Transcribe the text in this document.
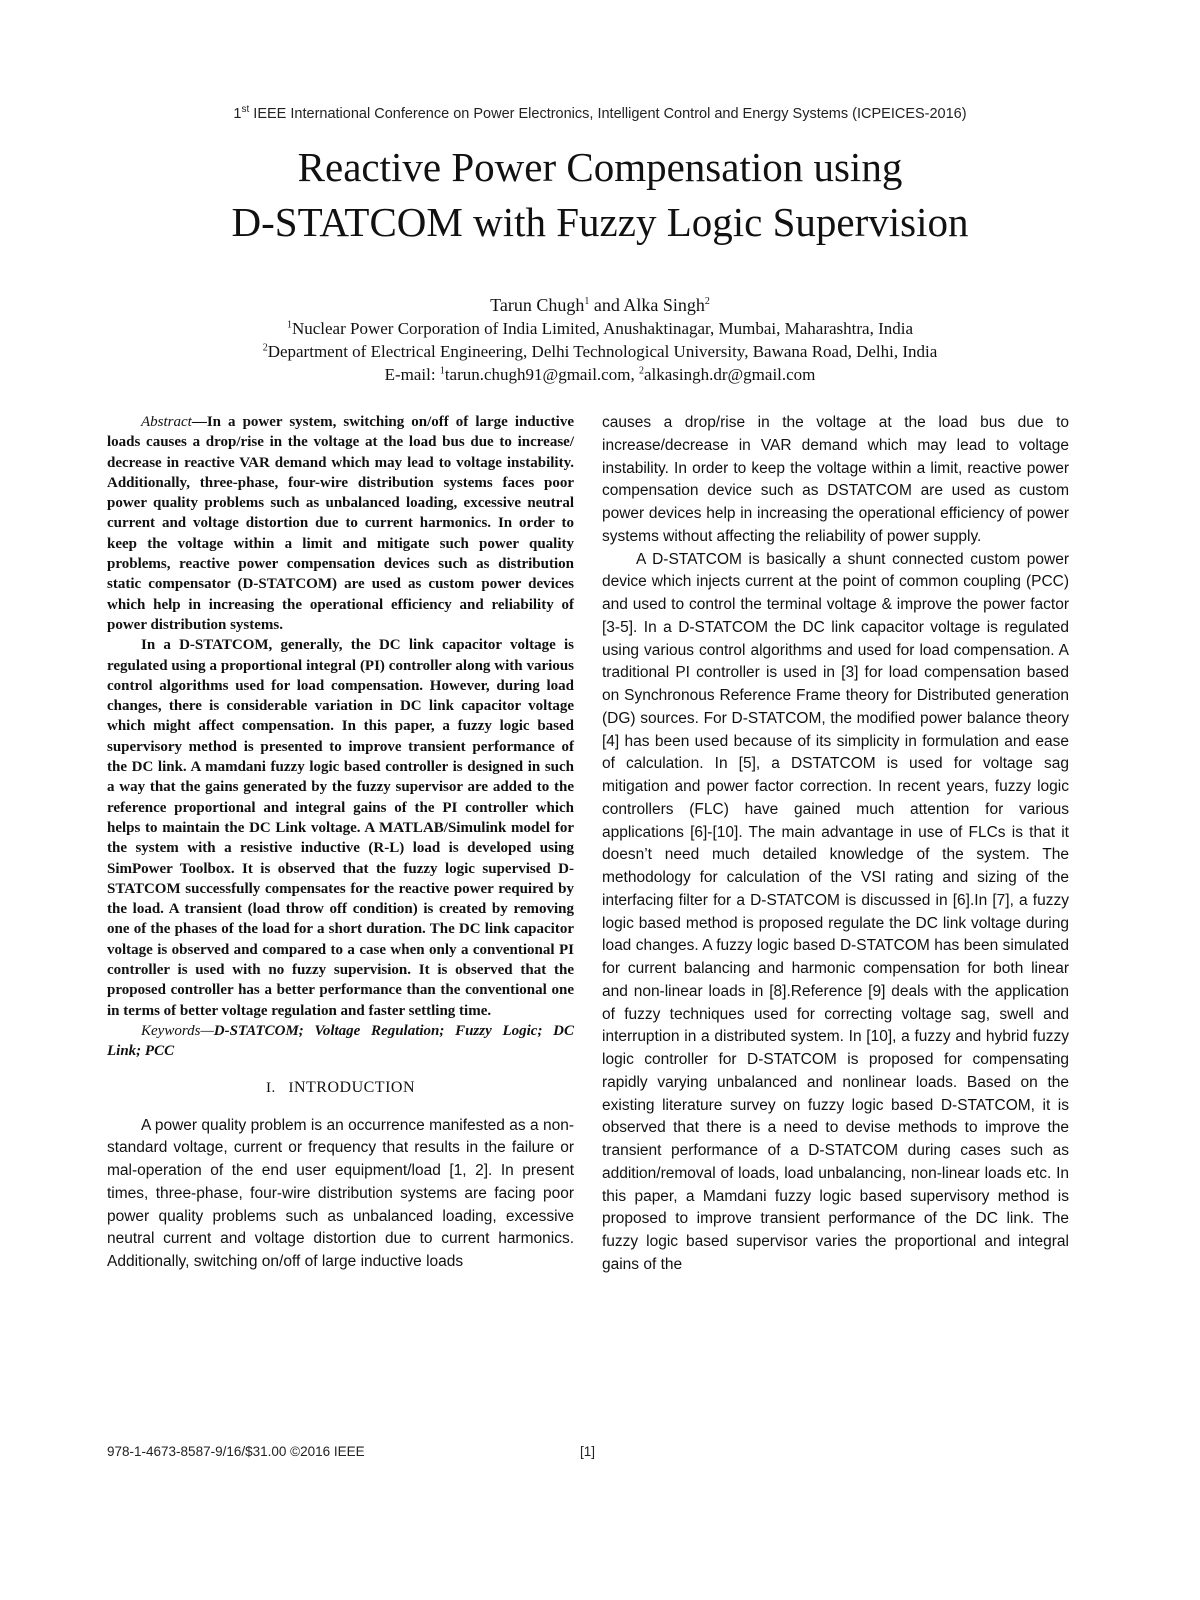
1st IEEE International Conference on Power Electronics, Intelligent Control and Energy Systems (ICPEICES-2016)
Reactive Power Compensation using
D-STATCOM with Fuzzy Logic Supervision
Tarun Chugh$^1$ and Alka Singh$^2$
$^1$Nuclear Power Corporation of India Limited, Anushaktinagar, Mumbai, Maharashtra, India
$^2$Department of Electrical Engineering, Delhi Technological University, Bawana Road, Delhi, India
E-mail: $^1$tarun.chugh91@gmail.com, $^2$alkasingh.dr@gmail.com

Abstract—In a power system, switching on/off of large inductive loads causes a drop/rise in the voltage at the load bus due to increase/ decrease in reactive VAR demand which may lead to voltage instability. Additionally, three-phase, four-wire distribution systems faces poor power quality problems such as unbalanced loading, excessive neutral current and voltage distortion due to current harmonics. In order to keep the voltage within a limit and mitigate such power quality problems, reactive power compensation devices such as distribution static compensator (D-STATCOM) are used as custom power devices which help in increasing the operational efficiency and reliability of power distribution systems.

In a D-STATCOM, generally, the DC link capacitor voltage is regulated using a proportional integral (PI) controller along with various control algorithms used for load compensation. However, during load changes, there is considerable variation in DC link capacitor voltage which might affect compensation. In this paper, a fuzzy logic based supervisory method is presented to improve transient performance of the DC link. A mamdani fuzzy logic based controller is designed in such a way that the gains generated by the fuzzy supervisor are added to the reference proportional and integral gains of the PI controller which helps to maintain the DC Link voltage. A MATLAB/Simulink model for the system with a resistive inductive (R-L) load is developed using SimPower Toolbox. It is observed that the fuzzy logic supervised D-STATCOM successfully compensates for the reactive power required by the load. A transient (load throw off condition) is created by removing one of the phases of the load for a short duration. The DC link capacitor voltage is observed and compared to a case when only a conventional PI controller is used with no fuzzy supervision. It is observed that the proposed controller has a better performance than the conventional one in terms of better voltage regulation and faster settling time.

Keywords—D-STATCOM; Voltage Regulation; Fuzzy Logic; DC Link; PCC

I. INTRODUCTION

A power quality problem is an occurrence manifested as a non-standard voltage, current or frequency that results in the failure or mal-operation of the end user equipment/load [1, 2]. In present times, three-phase, four-wire distribution systems are facing poor power quality problems such as unbalanced loading, excessive neutral current and voltage distortion due to current harmonics. Additionally, switching on/off of large inductive loads

causes a drop/rise in the voltage at the load bus due to increase/decrease in VAR demand which may lead to voltage instability. In order to keep the voltage within a limit, reactive power compensation device such as DSTATCOM are used as custom power devices help in increasing the operational efficiency of power systems without affecting the reliability of power supply.

A D-STATCOM is basically a shunt connected custom power device which injects current at the point of common coupling (PCC) and used to control the terminal voltage & improve the power factor [3-5]. In a D-STATCOM the DC link capacitor voltage is regulated using various control algorithms and used for load compensation. A traditional PI controller is used in [3] for load compensation based on Synchronous Reference Frame theory for Distributed generation (DG) sources. For D-STATCOM, the modified power balance theory [4] has been used because of its simplicity in formulation and ease of calculation. In [5], a DSTATCOM is used for voltage sag mitigation and power factor correction. In recent years, fuzzy logic controllers (FLC) have gained much attention for various applications [6]-[10]. The main advantage in use of FLCs is that it doesn’t need much detailed knowledge of the system. The methodology for calculation of the VSI rating and sizing of the interfacing filter for a D-STATCOM is discussed in [6].In [7], a fuzzy logic based method is proposed regulate the DC link voltage during load changes. A fuzzy logic based D-STATCOM has been simulated for current balancing and harmonic compensation for both linear and non-linear loads in [8].Reference [9] deals with the application of fuzzy techniques used for correcting voltage sag, swell and interruption in a distributed system. In [10], a fuzzy and hybrid fuzzy logic controller for D-STATCOM is proposed for compensating rapidly varying unbalanced and nonlinear loads. Based on the existing literature survey on fuzzy logic based D-STATCOM, it is observed that there is a need to devise methods to improve the transient performance of a D-STATCOM during cases such as addition/removal of loads, load unbalancing, non-linear loads etc. In this paper, a Mamdani fuzzy logic based supervisory method is proposed to improve transient performance of the DC link. The fuzzy logic based supervisor varies the proportional and integral gains of the

978-1-4673-8587-9/16/$31.00 ©2016 IEEE	[1]
